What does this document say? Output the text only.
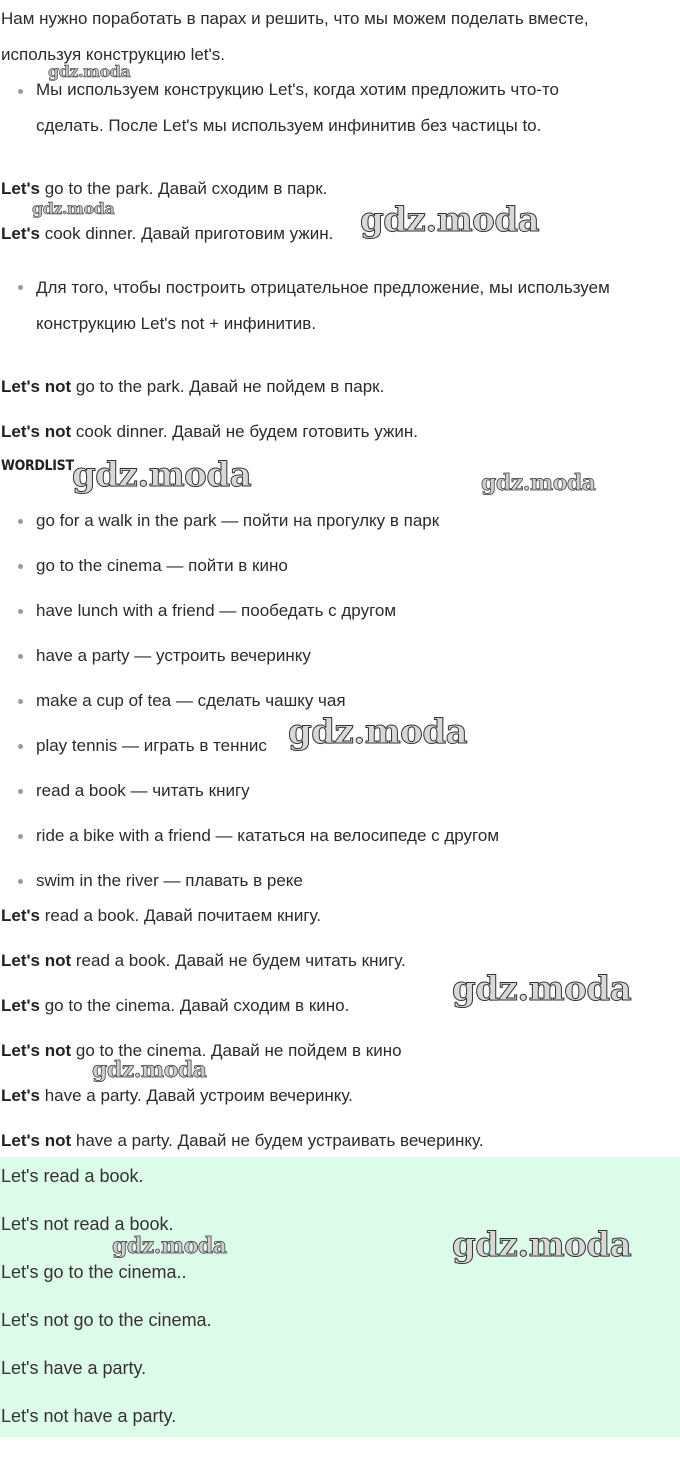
Нам нужно поработать в парах и решить, что мы можем поделать вместе,
используя конструкцию let's.
Мы используем конструкцию Let's, когда хотим предложить что-то
сделать. После Let's мы используем инфинитив без частицы to.
Let's go to the park. Давай сходим в парк.
Let's cook dinner. Давай приготовим ужин.
Для того, чтобы построить отрицательное предложение, мы используем
конструкцию Let's not + инфинитив.
Let's not go to the park. Давай не пойдем в парк.
Let's not cook dinner. Давай не будем готовить ужин.
WORDLIST
go for a walk in the park — пойти на прогулку в парк
go to the cinema — пойти в кино
have lunch with a friend — пообедать с другом
have a party — устроить вечеринку
make a cup of tea — сделать чашку чая
play tennis — играть в теннис
read a book — читать книгу
ride a bike with a friend — кататься на велосипеде с другом
swim in the river — плавать в реке
Let's read a book. Давай почитаем книгу.
Let's not read a book. Давай не будем читать книгу.
Let's go to the cinema. Давай сходим в кино.
Let's not go to the cinema. Давай не пойдем в кино
Let's have a party. Давай устроим вечеринку.
Let's not have a party. Давай не будем устраивать вечеринку.
Let's read a book.
Let's not read a book.
Let's go to the cinema..
Let's not go to the cinema.
Let's have a party.
Let's not have a party.
gdz.moda
gdz.moda	gdz.moda
gdz.moda	gdz.moda
gdz.moda
gdz.moda
gdz.moda
gdz.moda	gdz.moda
